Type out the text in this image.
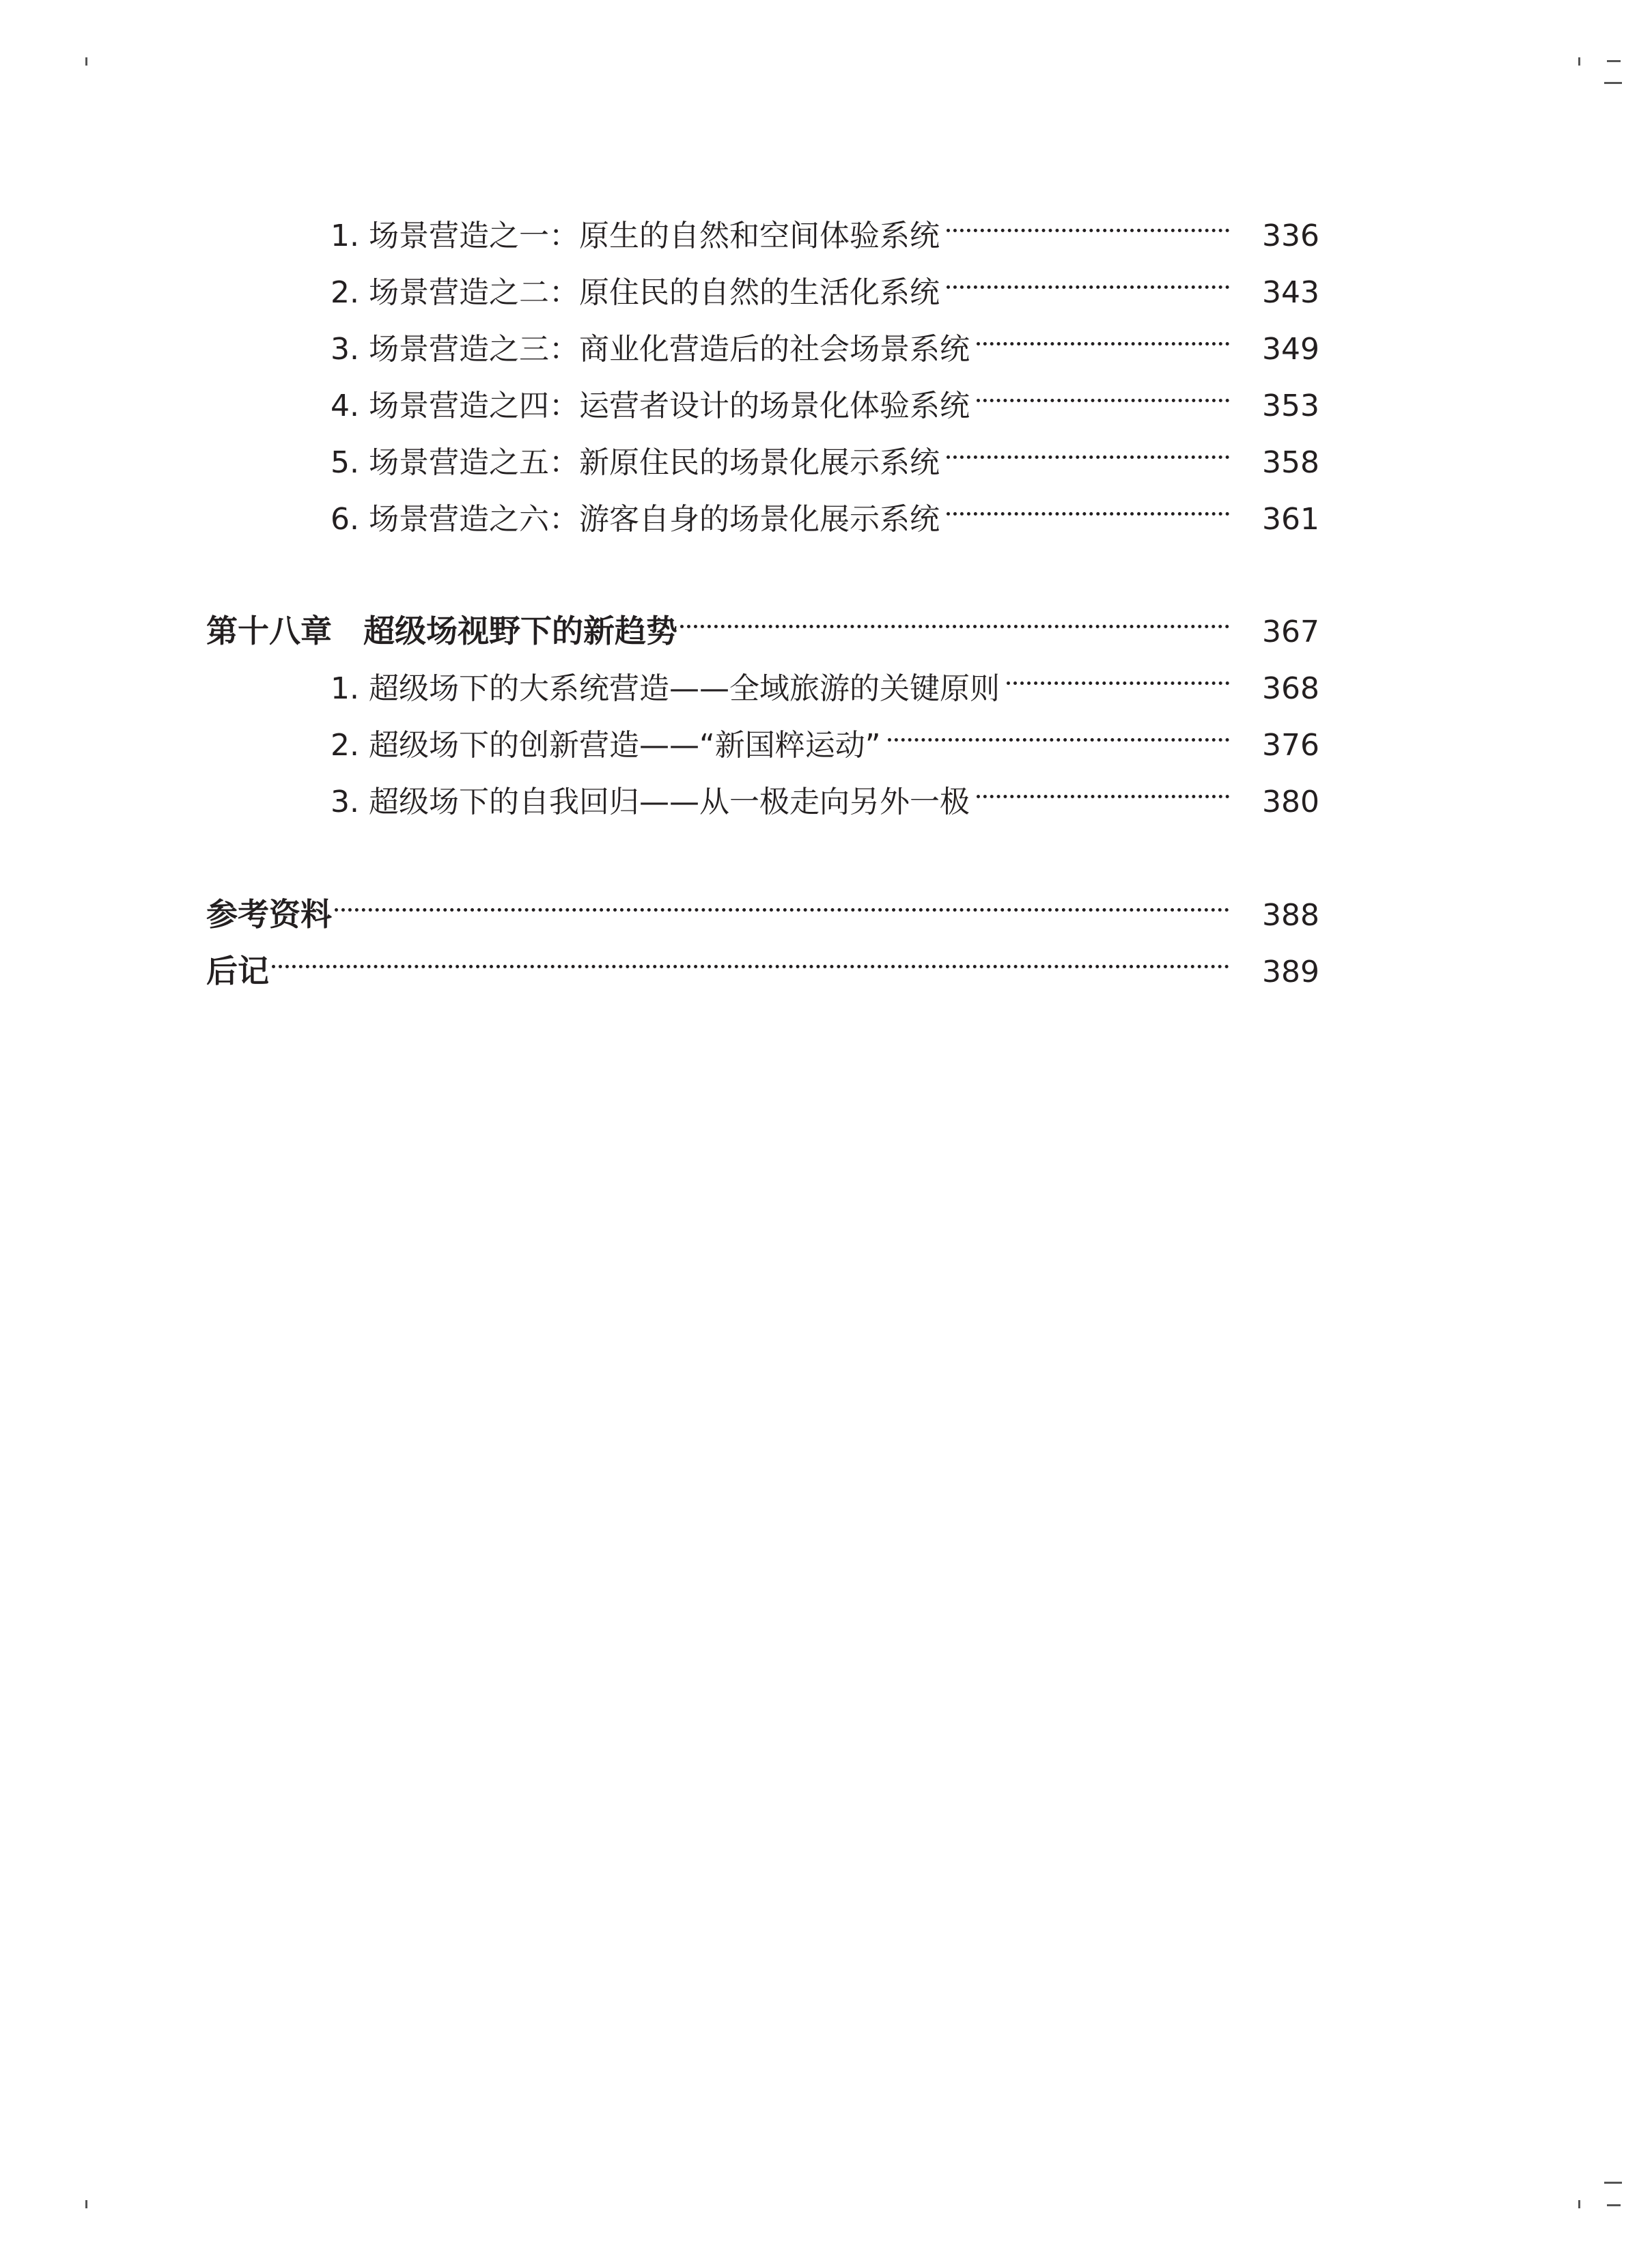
1. 场景营造之一：原生的自然和空间体验系统	336
2. 场景营造之二：原住民的自然的生活化系统	343
3. 场景营造之三：商业化营造后的社会场景系统	349
4. 场景营造之四：运营者设计的场景化体验系统	353
5. 场景营造之五：新原住民的场景化展示系统	358
6. 场景营造之六：游客自身的场景化展示系统	361
第十八章 超级场视野下的新趋势	367
1. 超级场下的大系统营造——全域旅游的关键原则	368
2. 超级场下的创新营造——“新国粹运动”	376
3. 超级场下的自我回归——从一极走向另外一极	380
参考资料	388
后记	389
